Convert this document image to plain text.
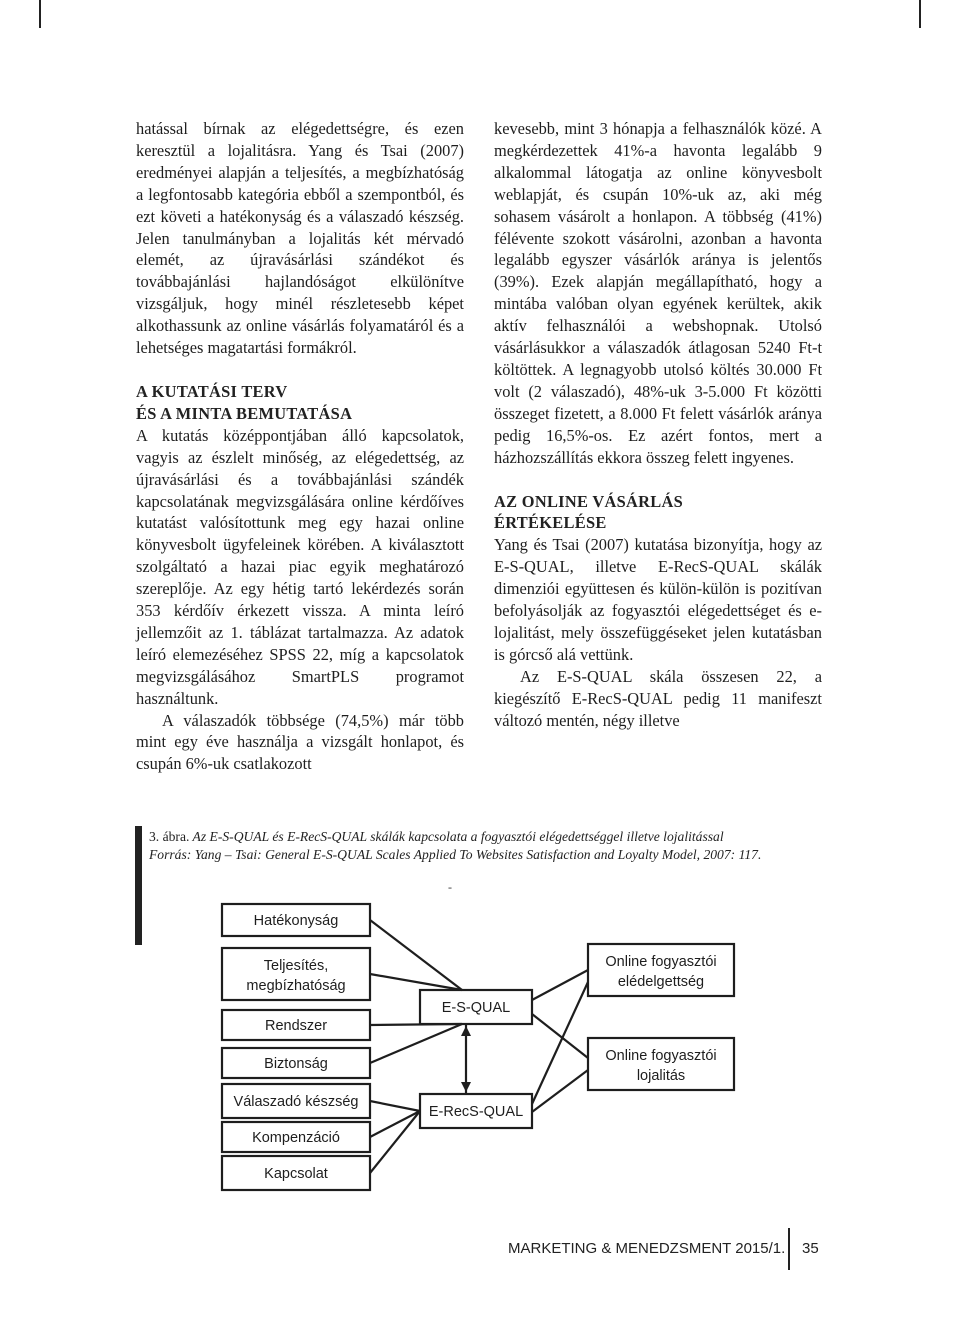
hatással bírnak az elégedettségre, és ezen keresztül a lojalitásra. Yang és Tsai (2007) eredményei alapján a teljesítés, a megbízhatóság a legfontosabb kategória ebből a szempontból, és ezt követi a hatékonyság és a válaszadó készség. Jelen tanulmányban a lojalitás két mérvadó elemét, az újravásárlási szándékot és továbbajánlási hajlandóságot elkülönítve vizsgáljuk, hogy minél részletesebb képet alkothassunk az online vásárlás folyamatáról és a lehetséges magatartási formákról.

A KUTATÁSI TERV
ÉS A MINTA BEMUTATÁSA

A kutatás középpontjában álló kapcsolatok, vagyis az észlelt minőség, az elégedettség, az újravásárlási és a továbbajánlási szándék kapcsolatának megvizsgálására online kérdőíves kutatást valósítottunk meg egy hazai online könyvesbolt ügyfeleinek körében. A kiválasztott szolgáltató a hazai piac egyik meghatározó szereplője. Az egy hétig tartó lekérdezés során 353 kérdőív érkezett vissza. A minta leíró jellemzőit az 1. táblázat tartalmazza. Az adatok leíró elemezéséhez SPSS 22, míg a kapcsolatok megvizsgálásához SmartPLS programot használtunk.

A válaszadók többsége (74,5%) már több mint egy éve használja a vizsgált honlapot, és csupán 6%-uk csatlakozott

kevesebb, mint 3 hónapja a felhasználók közé. A megkérdezettek 41%-a havonta legalább 9 alkalommal látogatja az online könyvesbolt weblapját, és csupán 10%-uk az, aki még sohasem vásárolt a honlapon. A többség (41%) félévente szokott vásárolni, azonban a havonta legalább egyszer vásárlók aránya is jelentős (39%). Ezek alapján megállapítható, hogy a mintába valóban olyan egyének kerültek, akik aktív felhasználói a webshopnak. Utolsó vásárlásukkor a válaszadók átlagosan 5240 Ft-t költöttek. A legnagyobb utolsó költés 30.000 Ft volt (2 válaszadó), 48%-uk 3-5.000 Ft közötti összeget fizetett, a 8.000 Ft felett vásárlók aránya pedig 16,5%-os. Ez azért fontos, mert a házhozszállítás ekkora összeg felett ingyenes.

AZ ONLINE VÁSÁRLÁS
ÉRTÉKELÉSE

Yang és Tsai (2007) kutatása bizonyítja, hogy az E-S-QUAL, illetve E-RecS-QUAL skálák dimenziói együttesen és külön-külön is pozitívan befolyásolják az fogyasztói elégedettséget és e-lojalitást, mely összefüggéseket jelen kutatásban is górcső alá vettünk.

Az E-S-QUAL skála összesen 22, a kiegészítő E-RecS-QUAL pedig 11 manifeszt változó mentén, négy illetve

3. ábra. Az E-S-QUAL és E-RecS-QUAL skálák kapcsolata a fogyasztói elégedettséggel illetve lojalitással
Forrás: Yang – Tsai: General E-S-QUAL Scales Applied To Websites Satisfaction and Loyalty Model, 2007: 117.
-
Hatékonyság
Teljesítés,
megbízhatóság
Rendszer
Biztonság
Válaszadó készség
Kompenzáció
Kapcsolat
E-S-QUAL
E-RecS-QUAL
Online fogyasztói
elédelgettség
Online fogyasztói
lojalitás
MARKETING & MENEDZSMENT 2015/1. 35
